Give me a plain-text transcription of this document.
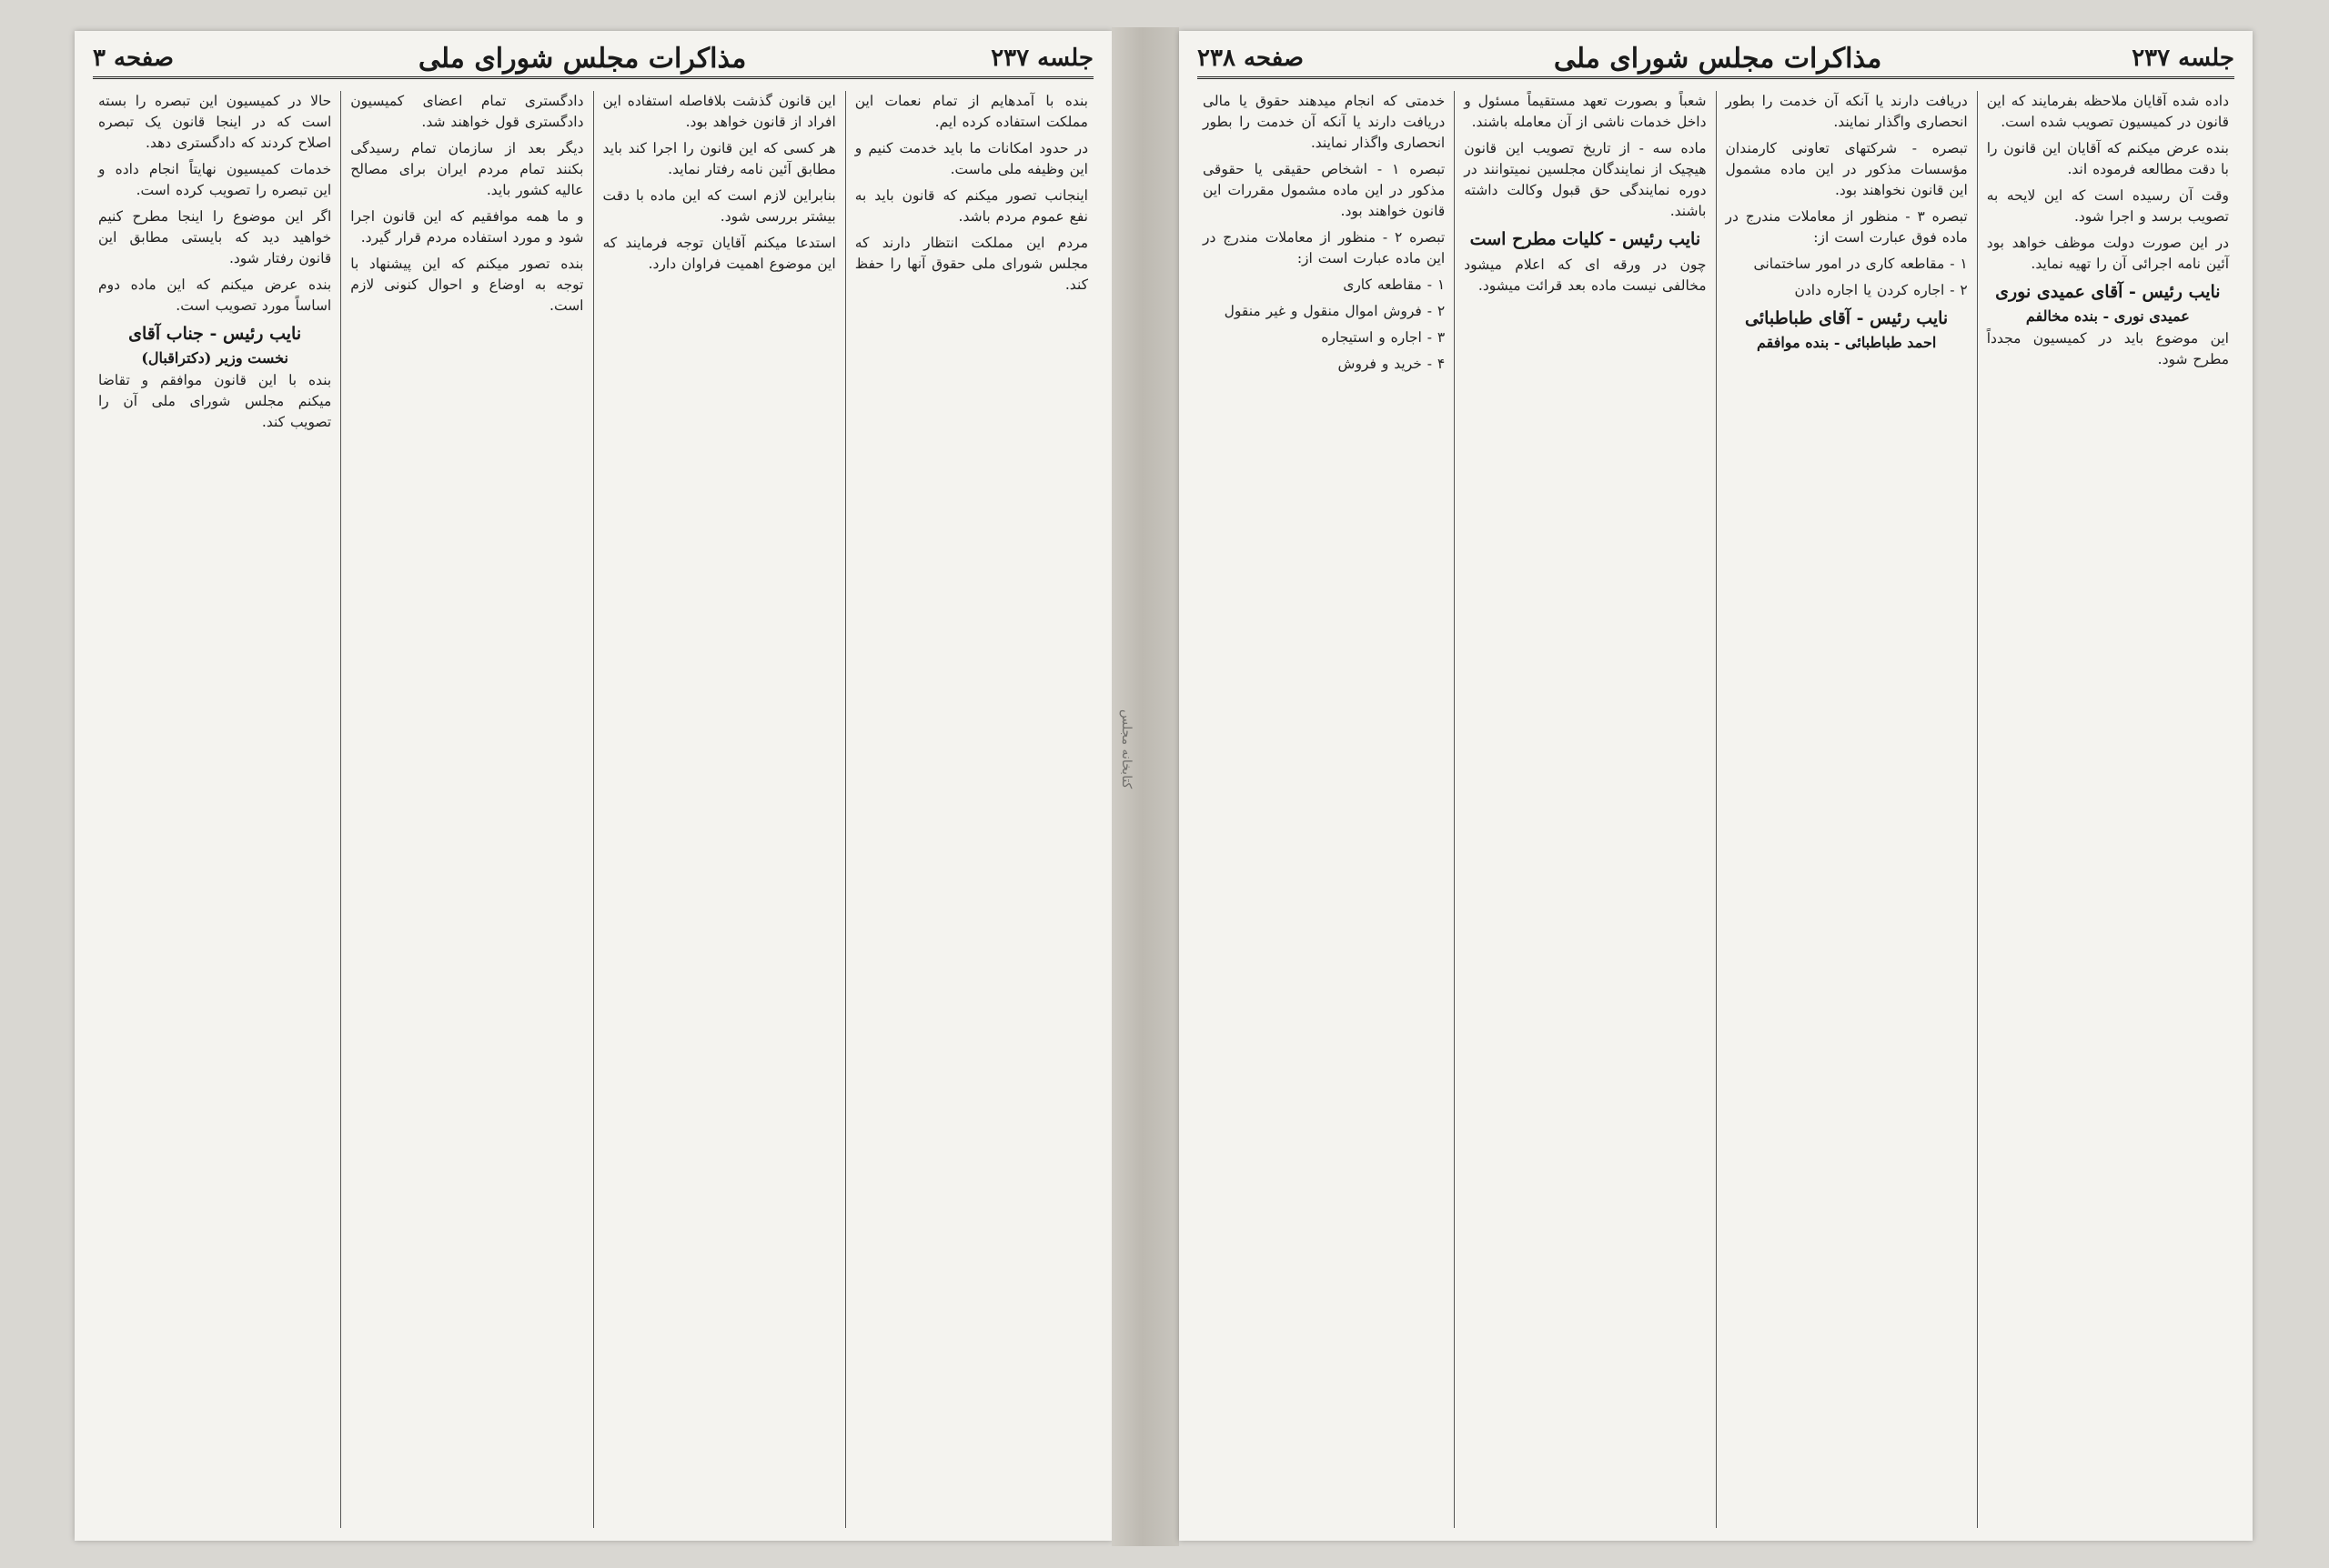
جلسه ۲۳۷
مذاکرات مجلس شورای ملی
صفحه ۳

بنده با آمدهایم از تمام نعمات این مملکت استفاده کرده ایم.

در حدود امکانات ما باید خدمت کنیم و این وظیفه ملی ماست.

اینجانب تصور میکنم که قانون باید به نفع عموم مردم باشد.

مردم این مملکت انتظار دارند که مجلس شورای ملی حقوق آنها را حفظ کند.

این قانون گذشت بلافاصله استفاده این افراد از قانون خواهد بود.

هر کسی که این قانون را اجرا کند باید مطابق آئین نامه رفتار نماید.

بنابراین لازم است که این ماده با دقت بیشتر بررسی شود.

استدعا میکنم آقایان توجه فرمایند که این موضوع اهمیت فراوان دارد.

دادگستری تمام اعضای کمیسیون دادگستری قول خواهند شد.

دیگر بعد از سازمان تمام رسیدگی بکنند تمام مردم ایران برای مصالح عالیه کشور باید.

و ما همه موافقیم که این قانون اجرا شود و مورد استفاده مردم قرار گیرد.

بنده تصور میکنم که این پیشنهاد با توجه به اوضاع و احوال کنونی لازم است.

حالا در کمیسیون این تبصره را بسته است که در اینجا قانون یک تبصره اصلاح کردند که دادگستری دهد.

خدمات کمیسیون نهایتاً انجام داده و این تبصره را تصویب کرده است.

اگر این موضوع را اینجا مطرح کنیم خواهید دید که بایستی مطابق این قانون رفتار شود.

بنده عرض میکنم که این ماده دوم اساساً مورد تصویب است.

نایب رئیس - جناب آقای
نخست وزیر (دکتراقبال)

بنده با این قانون موافقم و تقاضا میکنم مجلس شورای ملی آن را تصویب کند.

کتابخانه مجلس
جلسه ۲۳۷
مذاکرات مجلس شورای ملی
صفحه ۲۳۸

داده شده آقایان ملاحظه بفرمایند که این قانون در کمیسیون تصویب شده است.

بنده عرض میکنم که آقایان این قانون را با دقت مطالعه فرموده اند.

وقت آن رسیده است که این لایحه به تصویب برسد و اجرا شود.

در این صورت دولت موظف خواهد بود آئین نامه اجرائی آن را تهیه نماید.

نایب رئیس - آقای عمیدی نوری
عمیدی نوری - بنده مخالفم

این موضوع باید در کمیسیون مجدداً مطرح شود.

دریافت دارند یا آنکه آن خدمت را بطور انحصاری واگذار نمایند.

تبصره - شرکتهای تعاونی کارمندان مؤسسات مذکور در این ماده مشمول این قانون نخواهند بود.

تبصره ۳ - منظور از معاملات مندرج در ماده فوق عبارت است از:

۱ - مقاطعه کاری در امور ساختمانی

۲ - اجاره کردن یا اجاره دادن

نایب رئیس - آقای طباطبائی
احمد طباطبائی - بنده موافقم

شعباً و بصورت تعهد مستقیماً مسئول و داخل خدمات ناشی از آن معامله باشند.

ماده سه - از تاریخ تصویب این قانون هیچیک از نمایندگان مجلسین نمیتوانند در دوره نمایندگی حق قبول وکالت داشته باشند.

نایب رئیس - کلیات مطرح است

چون در ورقه ای که اعلام میشود مخالفی نیست ماده بعد قرائت میشود.

خدمتی که انجام میدهند حقوق یا مالی دریافت دارند یا آنکه آن خدمت را بطور انحصاری واگذار نمایند.

تبصره ۱ - اشخاص حقیقی یا حقوقی مذکور در این ماده مشمول مقررات این قانون خواهند بود.

تبصره ۲ - منظور از معاملات مندرج در این ماده عبارت است از:

۱ - مقاطعه کاری

۲ - فروش اموال منقول و غیر منقول

۳ - اجاره و استیجاره

۴ - خرید و فروش
